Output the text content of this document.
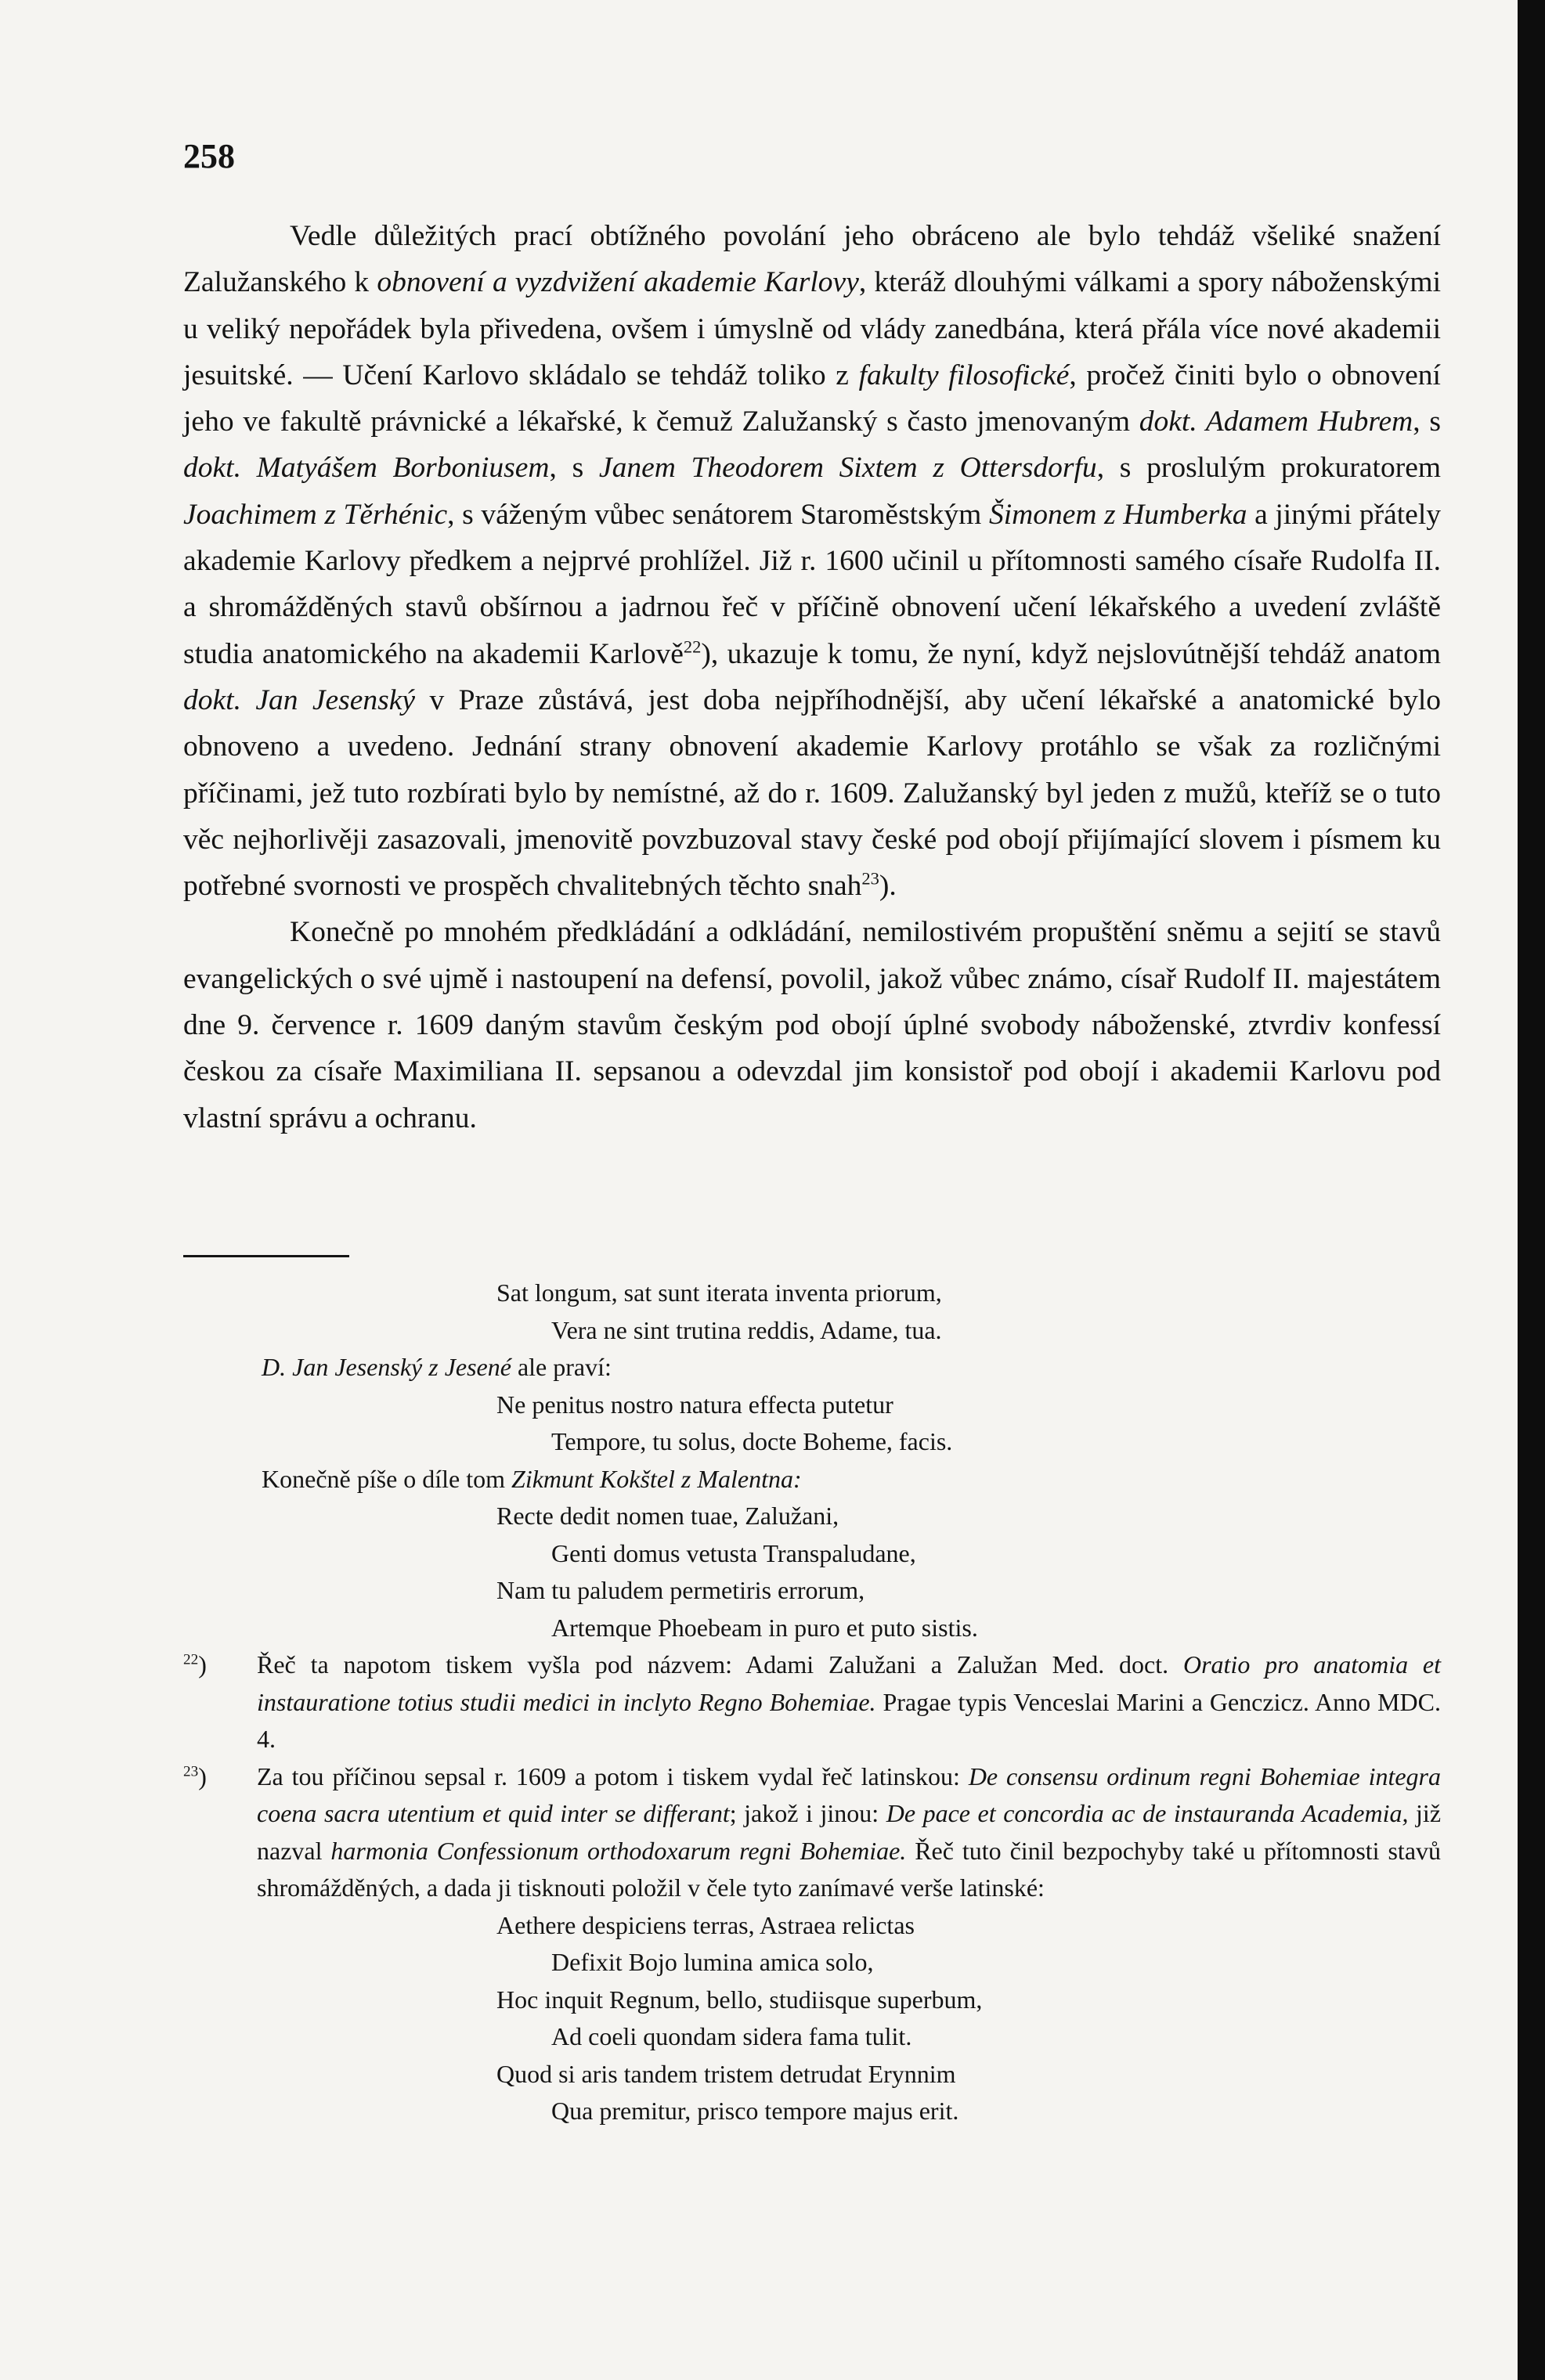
258

Vedle důležitých prací obtížného povolání jeho obráceno ale bylo tehdáž všeliké snažení Zalužanského k obnovení a vyzdvižení akademie Karlovy, kteráž dlouhými válkami a spory náboženskými u veliký nepořádek byla přivedena, ovšem i úmyslně od vlády zanedbána, která přála více nové akademii jesuitské. — Učení Karlovo skládalo se tehdáž toliko z fakulty filosofické, pročež činiti bylo o obnovení jeho ve fakultě právnické a lékařské, k čemuž Zalužanský s často jmenovaným dokt. Adamem Hubrem, s dokt. Matyášem Borboniusem, s Janem Theodorem Sixtem z Ottersdorfu, s proslulým prokuratorem Joachimem z Těrhénic, s váženým vůbec senátorem Staroměstským Šimonem z Humberka a jinými přátely akademie Karlovy předkem a nejprvé prohlížel. Již r. 1600 učinil u přítomnosti samého císaře Rudolfa II. a shromážděných stavů obšírnou a jadrnou řeč v příčině obnovení učení lékařského a uvedení zvláště studia anatomického na akademii Karlově$^{22}$), ukazuje k tomu, že nyní, když nejslovútnější tehdáž anatom dokt. Jan Jesenský v Praze zůstává, jest doba nejpříhodnější, aby učení lékařské a anatomické bylo obnoveno a uvedeno. Jednání strany obnovení akademie Karlovy protáhlo se však za rozličnými příčinami, jež tuto rozbírati bylo by nemístné, až do r. 1609. Zalužanský byl jeden z mužů, kteříž se o tuto věc nejhorlivěji zasazovali, jmenovitě povzbuzoval stavy české pod obojí přijímající slovem i písmem ku potřebné svornosti ve prospěch chvalitebných těchto snah$^{23}$).

Konečně po mnohém předkládání a odkládání, nemilostivém propuštění sněmu a sejití se stavů evangelických o své ujmě i nastoupení na defensí, povolil, jakož vůbec známo, císař Rudolf II. majestátem dne 9. července r. 1609 daným stavům českým pod obojí úplné svobody náboženské, ztvrdiv konfessí českou za císaře Maximiliana II. sepsanou a odevzdal jim konsistoř pod obojí i akademii Karlovu pod vlastní správu a ochranu.

Sat longum, sat sunt iterata inventa priorum,
Vera ne sint trutina reddis, Adame, tua.
D. Jan Jesenský z Jesené ale praví:
Ne penitus nostro natura effecta putetur
Tempore, tu solus, docte Boheme, facis.
Konečně píše o díle tom Zikmunt Kokštel z Malentna:
Recte dedit nomen tuae, Zalužani,
Genti domus vetusta Transpaludane,
Nam tu paludem permetiris errorum,
Artemque Phoebeam in puro et puto sistis.
$^{22}$) Řeč ta napotom tiskem vyšla pod názvem: Adami Zalužani a Zalužan Med. doct. Oratio pro anatomia et instauratione totius studii medici in inclyto Regno Bohemiae. Pragae typis Venceslai Marini a Genczicz. Anno MDC. 4.
$^{23}$) Za tou příčinou sepsal r. 1609 a potom i tiskem vydal řeč latinskou: De consensu ordinum regni Bohemiae integra coena sacra utentium et quid inter se differant; jakož i jinou: De pace et concordia ac de instauranda Academia, již nazval harmonia Confessionum orthodoxarum regni Bohemiae. Řeč tuto činil bezpochyby také u přítomnosti stavů shromážděných, a dada ji tisknouti položil v čele tyto zanímavé verše latinské:
Aethere despiciens terras, Astraea relictas
Defixit Bojo lumina amica solo,
Hoc inquit Regnum, bello, studiisque superbum,
Ad coeli quondam sidera fama tulit.
Quod si aris tandem tristem detrudat Erynnim
Qua premitur, prisco tempore majus erit.
